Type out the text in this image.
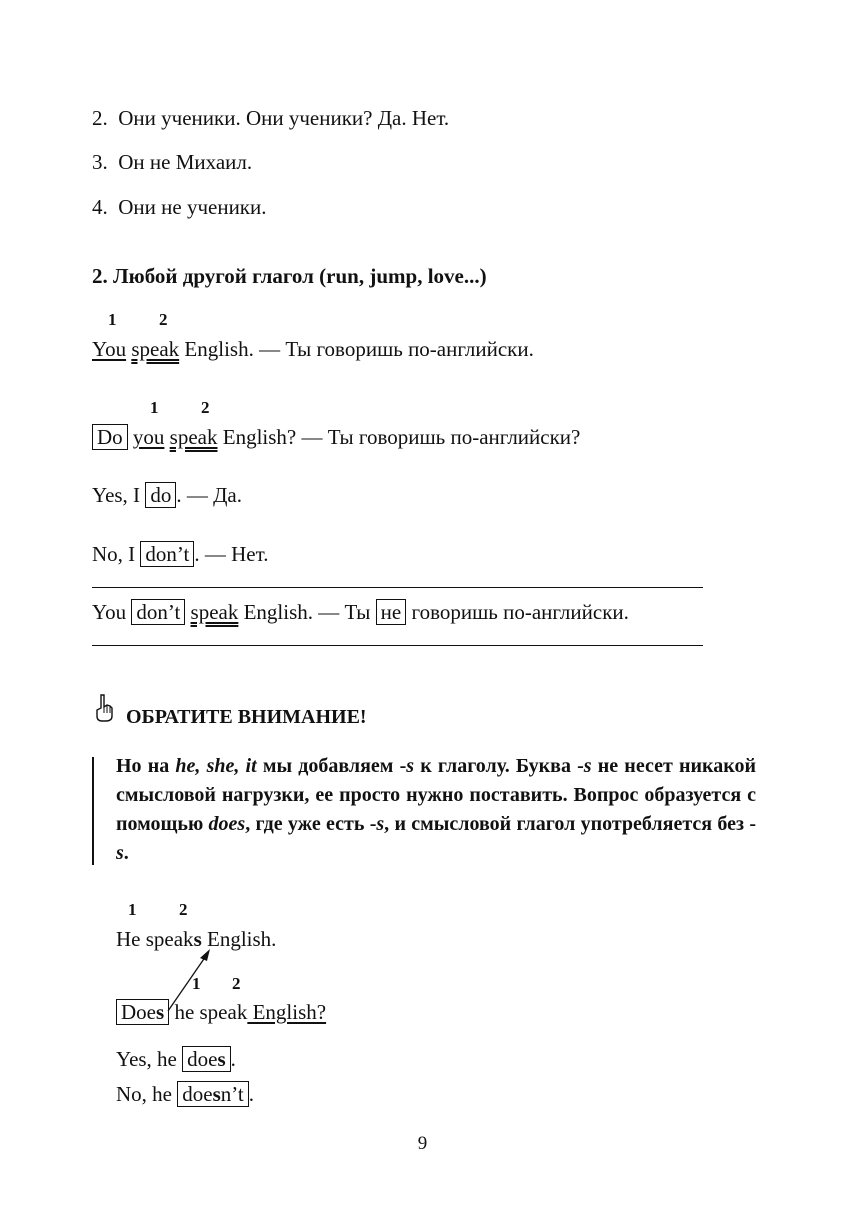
2. Они ученики. Они ученики? Да. Нет.
3. Он не Михаил.
4. Они не ученики.
2. Любой другой глагол (run, jump, love...)
1	2
You speak English. — Ты говоришь по-английски.
1	2
Do you speak English? — Ты говоришь по-английски?
Yes, I do . — Да.
No, I don’t . — Нет.
You don’t speak English. — Ты не говоришь по-английски.
ОБРАТИТЕ ВНИМАНИЕ!
Но на he, she, it мы добавляем -s к глаголу. Буква -s не несет никакой смысловой нагрузки, ее просто нужно поставить. Вопрос образуется с помощью does, где уже есть -s, и смысловой глагол употребляется без -s.
1	2
He speaks English.
1 2
Does he speak English?
Yes, he does .
No, he doesn’t .
9
